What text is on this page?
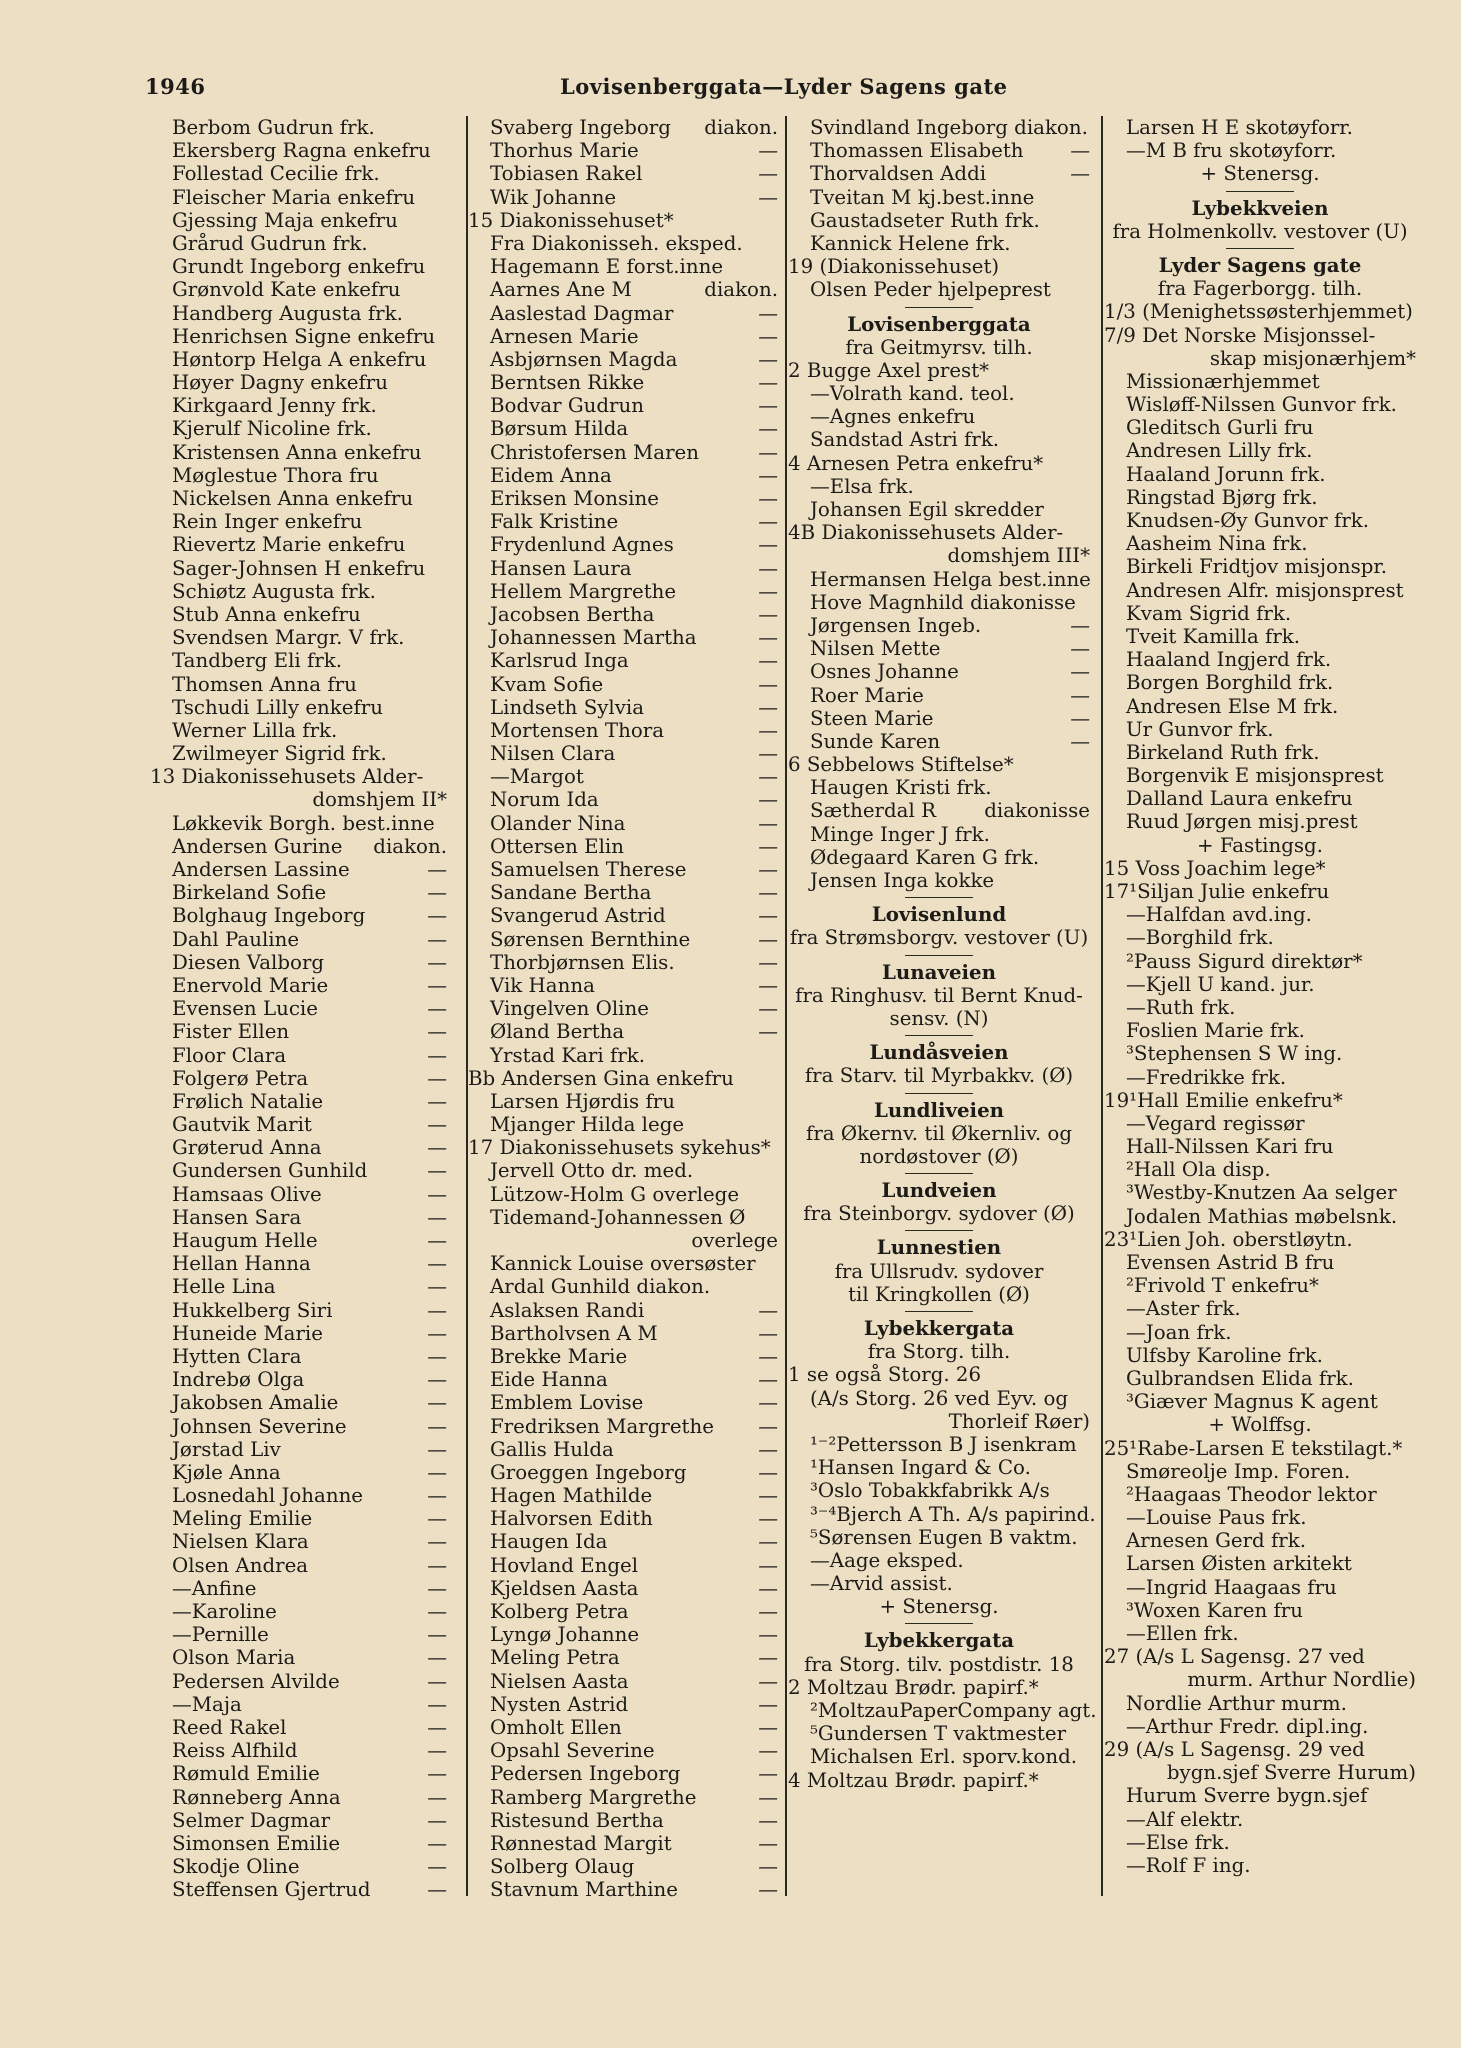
1946	Lovisenberggata—Lyder Sagens gate
Berbom Gudrun frk.
Ekersberg Ragna enkefru
Follestad Cecilie frk.
Fleischer Maria enkefru
Gjessing Maja enkefru
Grårud Gudrun frk.
Grundt Ingeborg enkefru
Grønvold Kate enkefru
Handberg Augusta frk.
Henrichsen Signe enkefru
Høntorp Helga A enkefru
Høyer Dagny enkefru
Kirkgaard Jenny frk.
Kjerulf Nicoline frk.
Kristensen Anna enkefru
Møglestue Thora fru
Nickelsen Anna enkefru
Rein Inger enkefru
Rievertz Marie enkefru
Sager-Johnsen H enkefru
Schiøtz Augusta frk.
Stub Anna enkefru
Svendsen Margr. V frk.
Tandberg Eli frk.
Thomsen Anna fru
Tschudi Lilly enkefru
Werner Lilla frk.
Zwilmeyer Sigrid frk.
13 Diakonissehusets Alder-
domshjem II*
Løkkevik Borgh. best.inne
Andersen Gurine diakon.
Andersen Lassine	—
Birkeland Sofie	—
Bolghaug Ingeborg	—
Dahl Pauline	—
Diesen Valborg	—
Enervold Marie	—
Evensen Lucie	—
Fister Ellen	—
Floor Clara	—
Folgerø Petra	—
Frølich Natalie	—
Gautvik Marit	—
Grøterud Anna	—
Gundersen Gunhild	—
Hamsaas Olive	—
Hansen Sara	—
Haugum Helle	—
Hellan Hanna	—
Helle Lina	—
Hukkelberg Siri	—
Huneide Marie	—
Hytten Clara	—
Indrebø Olga	—
Jakobsen Amalie	—
Johnsen Severine	—
Jørstad Liv	—
Kjøle Anna	—
Losnedahl Johanne	—
Meling Emilie	—
Nielsen Klara	—
Olsen Andrea	—
—Anfine	—
—Karoline	—
—Pernille	—
Olson Maria	—
Pedersen Alvilde	—
—Maja	—
Reed Rakel	—
Reiss Alfhild	—
Rømuld Emilie	—
Rønneberg Anna	—
Selmer Dagmar	—
Simonsen Emilie	—
Skodje Oline	—
Steffensen Gjertrud	—
Svaberg Ingeborg diakon.
Thorhus Marie	—
Tobiasen Rakel	—
Wik Johanne	—
15 Diakonissehuset*
Fra Diakonisseh. eksped.
Hagemann E forst.inne
Aarnes Ane M	diakon.
Aaslestad Dagmar	—
Arnesen Marie	—
Asbjørnsen Magda	—
Berntsen Rikke	—
Bodvar Gudrun	—
Børsum Hilda	—
Christofersen Maren	—
Eidem Anna	—
Eriksen Monsine	—
Falk Kristine	—
Frydenlund Agnes	—
Hansen Laura	—
Hellem Margrethe	—
Jacobsen Bertha	—
Johannessen Martha	—
Karlsrud Inga	—
Kvam Sofie	—
Lindseth Sylvia	—
Mortensen Thora	—
Nilsen Clara	—
—Margot	—
Norum Ida	—
Olander Nina	—
Ottersen Elin	—
Samuelsen Therese	—
Sandane Bertha	—
Svangerud Astrid	—
Sørensen Bernthine	—
Thorbjørnsen Elis.	—
Vik Hanna	—
Vingelven Oline	—
Øland Bertha	—
Yrstad Kari frk.
Bb Andersen Gina enkefru
Larsen Hjørdis fru
Mjanger Hilda lege
17 Diakonissehusets sykehus*
Jervell Otto dr. med.
Lützow-Holm G overlege
Tidemand-Johannessen Ø
overlege
Kannick Louise oversøster
Ardal Gunhild diakon.
Aslaksen Randi	—
Bartholvsen A M	—
Brekke Marie	—
Eide Hanna	—
Emblem Lovise	—
Fredriksen Margrethe —
Gallis Hulda	—
Groeggen Ingeborg	—
Hagen Mathilde	—
Halvorsen Edith	—
Haugen Ida	—
Hovland Engel	—
Kjeldsen Aasta	—
Kolberg Petra	—
Lyngø Johanne	—
Meling Petra	—
Nielsen Aasta	—
Nysten Astrid	—
Omholt Ellen	—
Opsahl Severine	—
Pedersen Ingeborg	—
Ramberg Margrethe	—
Ristesund Bertha	—
Rønnestad Margit	—
Solberg Olaug	—
Stavnum Marthine	—
Svindland Ingeborg diakon.
Thomassen Elisabeth —
Thorvaldsen Addi	—
Tveitan M kj.best.inne
Gaustadseter Ruth frk.
Kannick Helene frk.
19 (Diakonissehuset)
Olsen Peder hjelpeprest
Lovisenberggata
fra Geitmyrsv. tilh.
2 Bugge Axel prest*
—Volrath kand. teol.
—Agnes enkefru
Sandstad Astri frk.
4 Arnesen Petra enkefru*
—Elsa frk.
Johansen Egil skredder
4B Diakonissehusets Alder-
domshjem III*
Hermansen Helga best.inne
Hove Magnhild diakonisse
Jørgensen Ingeb.	—
Nilsen Mette	—
Osnes Johanne	—
Roer Marie	—
Steen Marie	—
Sunde Karen	—
6 Sebbelows Stiftelse*
Haugen Kristi frk.
Sætherdal R diakonisse
Minge Inger J frk.
Ødegaard Karen G frk.
Jensen Inga kokke
Lovisenlund
fra Strømsborgv. vestover (U)
Lunaveien
fra Ringhusv. til Bernt Knud-
sensv. (N)
Lundåsveien
fra Starv. til Myrbakkv. (Ø)
Lundliveien
fra Økernv. til Økernliv. og
nordøstover (Ø)
Lundveien
fra Steinborgv. sydover (Ø)
Lunnestien
fra Ullsrudv. sydover
til Kringkollen (Ø)
Lybekkergata
fra Storg. tilh.
1 se også Storg. 26
(A/s Storg. 26 ved Eyv. og
Thorleif Røer)
¹⁻²Pettersson B J isenkram
¹Hansen Ingard & Co.
³Oslo Tobakkfabrikk A/s
³⁻⁴Bjerch A Th. A/s papirind.
⁵Sørensen Eugen B vaktm.
—Aage eksped.
—Arvid assist.
+ Stenersg.
Lybekkergata
fra Storg. tilv. postdistr. 18
2 Moltzau Brødr. papirf.*
²MoltzauPaperCompany agt.
⁵Gundersen T vaktmester
Michalsen Erl. sporv.kond.
4 Moltzau Brødr. papirf.*
Larsen H E skotøyforr.
—M B fru skotøyforr.
+ Stenersg.
Lybekkveien
fra Holmenkollv. vestover (U)
Lyder Sagens gate
fra Fagerborgg. tilh.
1/3 (Menighetssøsterhjemmet)
7/9 Det Norske Misjonssel-
skap misjonærhjem*
Missionærhjemmet
Wisløff-Nilssen Gunvor frk.
Gleditsch Gurli fru
Andresen Lilly frk.
Haaland Jorunn frk.
Ringstad Bjørg frk.
Knudsen-Øy Gunvor frk.
Aasheim Nina frk.
Birkeli Fridtjov misjonspr.
Andresen Alfr. misjonsprest
Kvam Sigrid frk.
Tveit Kamilla frk.
Haaland Ingjerd frk.
Borgen Borghild frk.
Andresen Else M frk.
Ur Gunvor frk.
Birkeland Ruth frk.
Borgenvik E misjonsprest
Dalland Laura enkefru
Ruud Jørgen misj.prest
+ Fastingsg.
15 Voss Joachim lege*
17¹Siljan Julie enkefru
—Halfdan avd.ing.
—Borghild frk.
²Pauss Sigurd direktør*
—Kjell U kand. jur.
—Ruth frk.
Foslien Marie frk.
³Stephensen S W ing.
—Fredrikke frk.
19¹Hall Emilie enkefru*
—Vegard regissør
Hall-Nilssen Kari fru
²Hall Ola disp.
³Westby-Knutzen Aa selger
Jodalen Mathias møbelsnk.
23¹Lien Joh. oberstløytn.
Evensen Astrid B fru
²Frivold T enkefru*
—Aster frk.
—Joan frk.
Ulfsby Karoline frk.
Gulbrandsen Elida frk.
³Giæver Magnus K agent
+ Wolffsg.
25¹Rabe-Larsen E tekstilagt.*
Smøreolje Imp. Foren.
²Haagaas Theodor lektor
—Louise Paus frk.
Arnesen Gerd frk.
Larsen Øisten arkitekt
—Ingrid Haagaas fru
³Woxen Karen fru
—Ellen frk.
27 (A/s L Sagensg. 27 ved
murm. Arthur Nordlie)
Nordlie Arthur murm.
—Arthur Fredr. dipl.ing.
29 (A/s L Sagensg. 29 ved
bygn.sjef Sverre Hurum)
Hurum Sverre bygn.sjef
—Alf elektr.
—Else frk.
—Rolf F ing.
